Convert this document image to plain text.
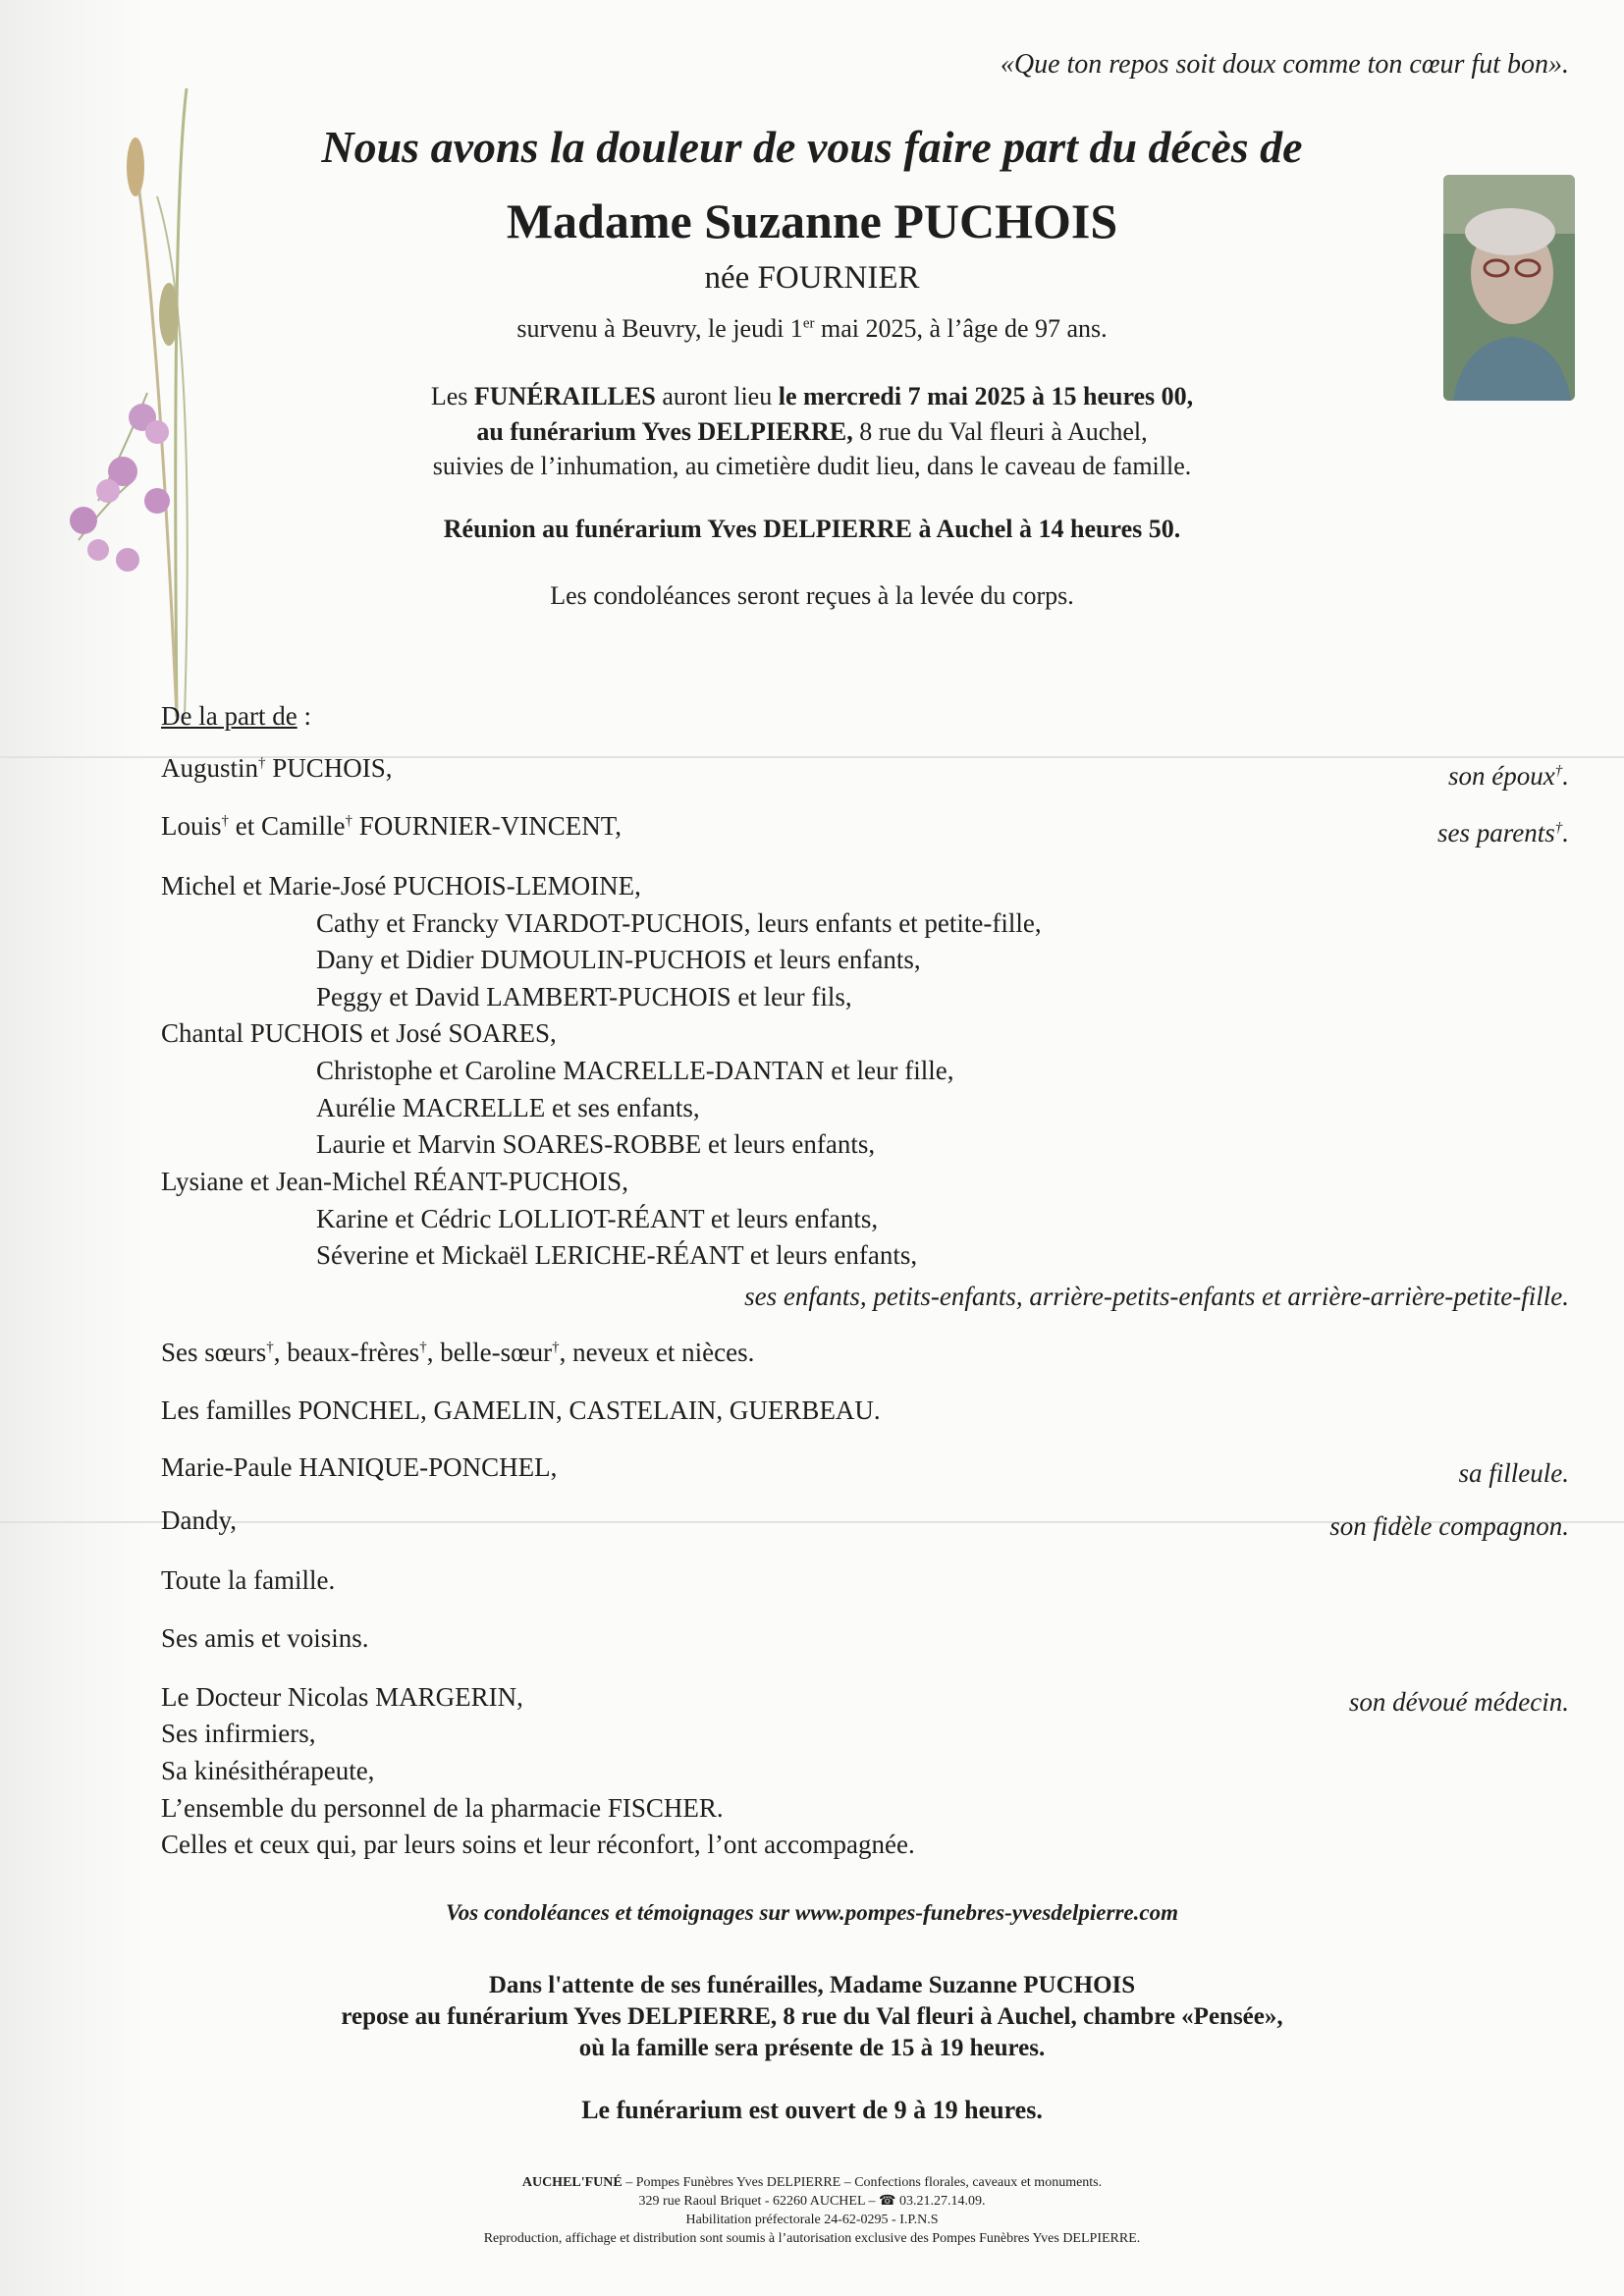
«Que ton repos soit doux comme ton cœur fut bon».
Nous avons la douleur de vous faire part du décès de
Madame Suzanne PUCHOIS
née FOURNIER
survenu à Beuvry, le jeudi 1er mai 2025, à l’âge de 97 ans.
Les FUNÉRAILLES auront lieu le mercredi 7 mai 2025 à 15 heures 00,
au funérarium Yves DELPIERRE, 8 rue du Val fleuri à Auchel,
suivies de l’inhumation, au cimetière dudit lieu, dans le caveau de famille.
Réunion au funérarium Yves DELPIERRE à Auchel à 14 heures 50.
Les condoléances seront reçues à la levée du corps.
De la part de :
Augustin† PUCHOIS,	son époux†.
Louis† et Camille† FOURNIER-VINCENT,	ses parents†.
Michel et Marie-José PUCHOIS-LEMOINE,
Cathy et Francky VIARDOT-PUCHOIS, leurs enfants et petite-fille,
Dany et Didier DUMOULIN-PUCHOIS et leurs enfants,
Peggy et David LAMBERT-PUCHOIS et leur fils,
Chantal PUCHOIS et José SOARES,
Christophe et Caroline MACRELLE-DANTAN et leur fille,
Aurélie MACRELLE et ses enfants,
Laurie et Marvin SOARES-ROBBE et leurs enfants,
Lysiane et Jean-Michel RÉANT-PUCHOIS,
Karine et Cédric LOLLIOT-RÉANT et leurs enfants,
Séverine et Mickaël LERICHE-RÉANT et leurs enfants,
ses enfants, petits-enfants, arrière-petits-enfants et arrière-arrière-petite-fille.
Ses sœurs†, beaux-frères†, belle-sœur†, neveux et nièces.
Les familles PONCHEL, GAMELIN, CASTELAIN, GUERBEAU.
Marie-Paule HANIQUE-PONCHEL,	sa filleule.
Dandy,	son fidèle compagnon.
Toute la famille.
Ses amis et voisins.
Le Docteur Nicolas MARGERIN,	son dévoué médecin.
Ses infirmiers,
Sa kinésithérapeute,
L’ensemble du personnel de la pharmacie FISCHER.
Celles et ceux qui, par leurs soins et leur réconfort, l’ont accompagnée.
Vos condoléances et témoignages sur www.pompes-funebres-yvesdelpierre.com
Dans l'attente de ses funérailles, Madame Suzanne PUCHOIS
repose au funérarium Yves DELPIERRE, 8 rue du Val fleuri à Auchel, chambre «Pensée»,
où la famille sera présente de 15 à 19 heures.
Le funérarium est ouvert de 9 à 19 heures.
AUCHEL'FUNÉ – Pompes Funèbres Yves DELPIERRE – Confections florales, caveaux et monuments.
329 rue Raoul Briquet - 62260 AUCHEL – ☎ 03.21.27.14.09.
Habilitation préfectorale 24-62-0295 - I.P.N.S
Reproduction, affichage et distribution sont soumis à l’autorisation exclusive des Pompes Funèbres Yves DELPIERRE.
